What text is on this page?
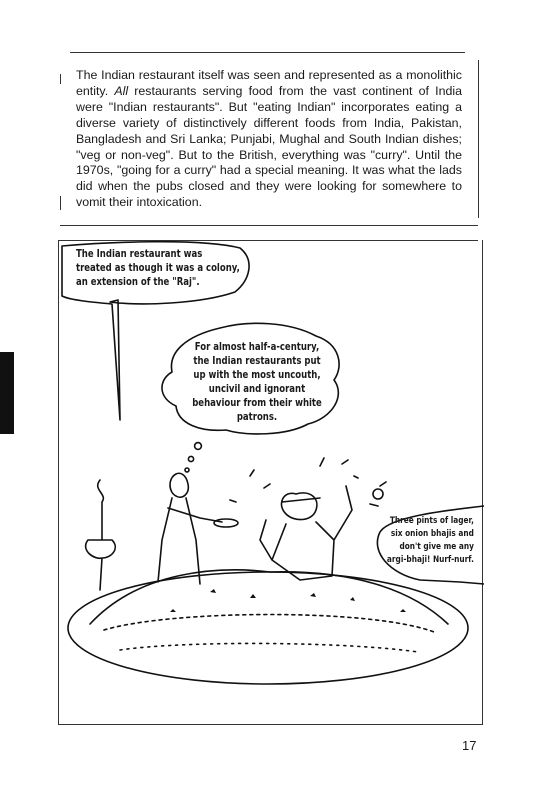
The Indian restaurant itself was seen and represented as a monolithic entity. All restaurants serving food from the vast continent of India were "Indian restaurants". But "eating Indian" incorporates eating a diverse variety of distinctively different foods from India, Pakistan, Bangladesh and Sri Lanka; Punjabi, Mughal and South Indian dishes; "veg or non-veg". But to the British, everything was "curry". Until the 1970s, "going for a curry" had a special meaning. It was what the lads did when the pubs closed and they were looking for somewhere to vomit their intoxication.

The Indian restaurant was treated as though it was a colony, an extension of the "Raj".

For almost half-a-century, the Indian restaurants put up with the most uncouth, uncivil and ignorant behaviour from their white patrons.

Three pints of lager, six onion bhajis and don't give me any argi-bhaji! Nurf-nurf.

17
